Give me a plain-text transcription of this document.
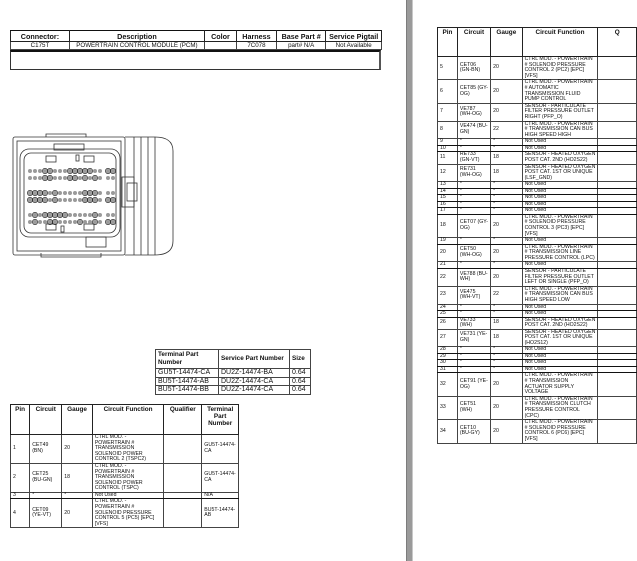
Connector:	Description	Color	Harness	Base Part #	Service Pigtail
C175T	POWERTRAIN CONTROL MODULE (PCM)		7C078	part# N/A	Not Available
Terminal Part Number	Service Part Number	Size
GU5T-14474-CA	DU2Z-14474-BA	0.64
BU5T-14474-AB	DU2Z-14474-CA	0.64
BU5T-14474-BB	DU2Z-14474-CA	0.64
Pin	Circuit	Gauge	Circuit Function	Qualifier	Terminal Part Number
1	CET49 (BN)	20	CTRL MOD. - POWERTRAIN # TRANSMISSION SOLENOID POWER CONTROL 2 (TSPC2)		GU5T-14474-CA
2	CET25 (BU-GN)	18	CTRL MOD. - POWERTRAIN # TRANSMISSION SOLENOID POWER CONTROL (TSPC)		GU5T-14474-CA
3	*	*	Not Used		N/A
4	CET09 (YE-VT)	20	CTRL MOD. - POWERTRAIN # SOLENOID PRESSURE CONTROL 5 (PC5) [EPC] [VFS]		BU5T-14474-AB
Pin	Circuit	Gauge	Circuit Function	Q
5	CET06 (GN-BN)	20	CTRL MOD. - POWERTRAIN # SOLENOID PRESSURE CONTROL 2 (PC2) [EPC] [VFS]	
6	CET85 (GY-OG)	20	CTRL MOD. - POWERTRAIN # AUTOMATIC TRANSMISSION FLUID PUMP CONTROL	
7	VE787 (WH-OG)	20	SENSOR - PARTICULATE FILTER PRESSURE OUTLET RIGHT (PFP_O)	
8	VE474 (BU-GN)	22	CTRL MOD. - POWERTRAIN # TRANSMISSION CAN BUS HIGH SPEED HIGH	
9	*	*	Not Used	
10	*	*	Not Used	
11	RE733 (GN-VT)	18	SENSOR - HEATED OXYGEN POST CAT. 2ND (HO2S22)	
12	RE731 (WH-OG)	18	SENSOR - HEATED OXYGEN POST CAT. 1ST OR UNIQUE (LSF_GND)	
13	*	*	Not Used	
14	*	*	Not Used	
15	*	*	Not Used	
16	*	*	Not Used	
17	*	*	Not Used	
18	CET07 (GY-OG)	20	CTRL MOD. - POWERTRAIN # SOLENOID PRESSURE CONTROL 3 (PC3) [EPC] [VFS]	
19	*	*	Not Used	
20	CET50 (WH-OG)	20	CTRL MOD. - POWERTRAIN # TRANSMISSION LINE PRESSURE CONTROL (LPC)	
21	*	*	Not Used	
22	VE788 (BU-WH)	20	SENSOR - PARTICULATE FILTER PRESSURE OUTLET LEFT OR SINGLE (PFP_O)	
23	VE475 (WH-VT)	22	CTRL MOD. - POWERTRAIN # TRANSMISSION CAN BUS HIGH SPEED LOW	
24	*	*	Not Used	
25	*	*	Not Used	
26	VE733 (WH)	18	SENSOR - HEATED OXYGEN POST CAT. 2ND (HO2S22)	
27	VE731 (YE-GN)	18	SENSOR - HEATED OXYGEN POST CAT. 1ST OR UNIQUE (HO2S12)	
28	*	*	Not Used	
29	*	*	Not Used	
30	*	*	Not Used	
31	*	*	Not Used	
32	CET91 (YE-OG)	20	CTRL MOD. - POWERTRAIN # TRANSMISSION ACTUATOR SUPPLY VOLTAGE	
33	CET51 (WH)	20	CTRL MOD. - POWERTRAIN # TRANSMISSION CLUTCH PRESSURE CONTROL (CPC)	
34	CET10 (BU-GY)	20	CTRL MOD. - POWERTRAIN # SOLENOID PRESSURE CONTROL 6 (PC6) [EPC] [VFS]	
